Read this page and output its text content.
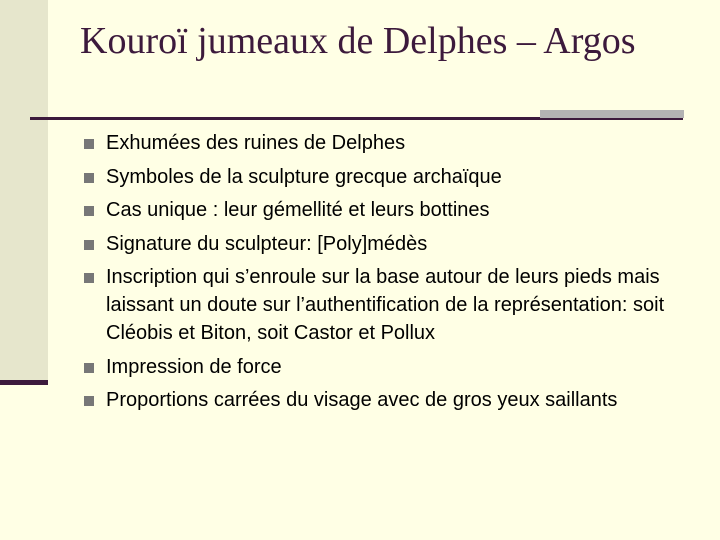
Kouroï jumeaux de Delphes – Argos
Exhumées des ruines de Delphes
Symboles de la sculpture grecque archaïque
Cas unique : leur gémellité et leurs bottines
Signature du sculpteur: [Poly]médès
Inscription qui s’enroule sur la base autour de leurs pieds mais laissant un doute sur l’authentification de la représentation: soit Cléobis et Biton, soit Castor et Pollux
Impression de force
Proportions carrées du visage avec de gros yeux saillants
